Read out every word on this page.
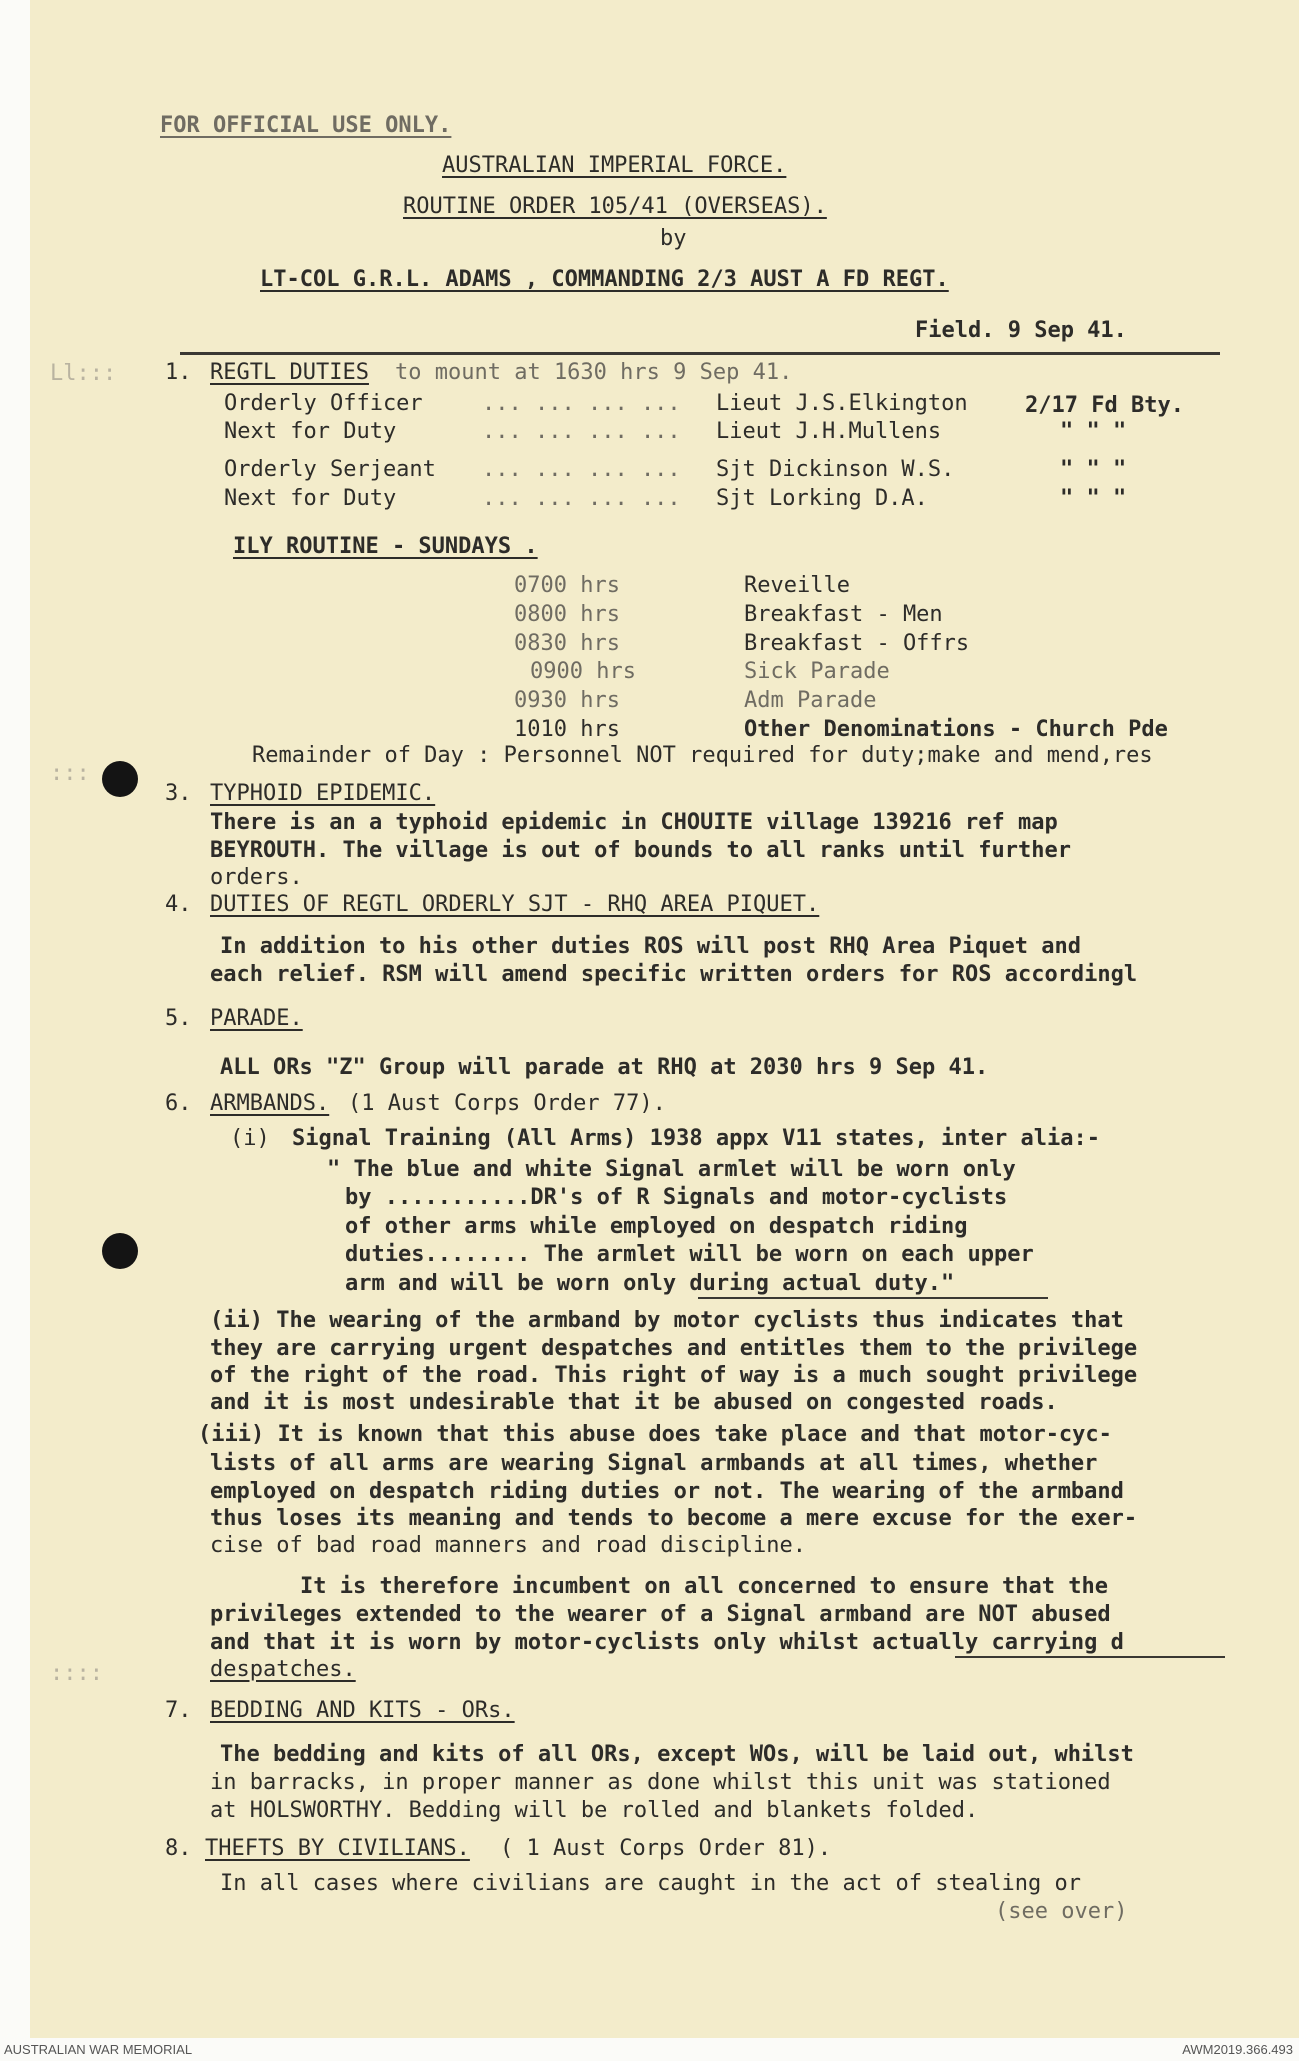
Ll:::
:::
::::
FOR OFFICIAL USE ONLY.
AUSTRALIAN IMPERIAL FORCE.
ROUTINE ORDER 105/41 (OVERSEAS).
by
LT-COL G.R.L. ADAMS , COMMANDING 2/3 AUST A FD REGT.
Field. 9 Sep 41.
1. REGTL DUTIES to mount at 1630 hrs 9 Sep 41.
Orderly Officer	... ... ... ... Lieut J.S.Elkington	2/17 Fd Bty.
Next for Duty	... ... ... ... Lieut J.H.Mullens	" " "
Orderly Serjeant ... ... ... ... Sjt Dickinson W.S.	" " "
Next for Duty	... ... ... ... Sjt Lorking D.A.	" " "
ILY ROUTINE - SUNDAYS .
0700 hrs	Reveille
0800 hrs	Breakfast - Men
0830 hrs	Breakfast - Offrs
0900 hrs	Sick Parade
0930 hrs	Adm Parade
1010 hrs	Other Denominations - Church Pde
Remainder of Day : Personnel NOT required for duty;make and mend,res
3. TYPHOID EPIDEMIC.
There is an a typhoid epidemic in CHOUITE village 139216 ref map
BEYROUTH. The village is out of bounds to all ranks until further
orders.
4. DUTIES OF REGTL ORDERLY SJT - RHQ AREA PIQUET.
In addition to his other duties ROS will post RHQ Area Piquet and
each relief. RSM will amend specific written orders for ROS accordingl
5. PARADE.
ALL ORs "Z" Group will parade at RHQ at 2030 hrs 9 Sep 41.
6. ARMBANDS. (1 Aust Corps Order 77).
(i) Signal Training (All Arms) 1938 appx V11 states, inter alia:-
" The blue and white Signal armlet will be worn only
by ...........DR's of R Signals and motor-cyclists
of other arms while employed on despatch riding
duties........ The armlet will be worn on each upper
arm and will be worn only during actual duty."
(ii) The wearing of the armband by motor cyclists thus indicates that
they are carrying urgent despatches and entitles them to the privilege
of the right of the road. This right of way is a much sought privilege
and it is most undesirable that it be abused on congested roads.
(iii) It is known that this abuse does take place and that motor-cyc-
lists of all arms are wearing Signal armbands at all times, whether
employed on despatch riding duties or not. The wearing of the armband
thus loses its meaning and tends to become a mere excuse for the exer-
cise of bad road manners and road discipline.
It is therefore incumbent on all concerned to ensure that the
privileges extended to the wearer of a Signal armband are NOT abused
and that it is worn by motor-cyclists only whilst actually carrying d
despatches.
7. BEDDING AND KITS - ORs.
The bedding and kits of all ORs, except WOs, will be laid out, whilst
in barracks, in proper manner as done whilst this unit was stationed
at HOLSWORTHY. Bedding will be rolled and blankets folded.
8. THEFTS BY CIVILIANS. ( 1 Aust Corps Order 81).
In all cases where civilians are caught in the act of stealing or
(see over)
AUSTRALIAN WAR MEMORIAL	AWM2019.366.493
